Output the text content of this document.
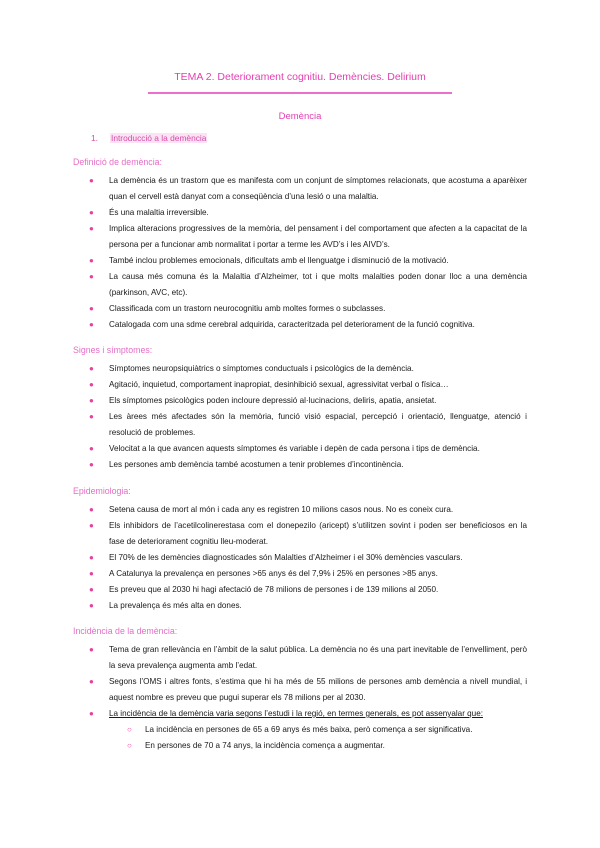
TEMA 2. Deteriorament cognitiu. Demències. Delirium
Demència
1. Introducció a la demència
Definició de demència:
● La demència és un trastorn que es manifesta com un conjunt de símptomes relacionats, que acostuma a aparèixer quan el cervell està danyat com a conseqüència d’una lesió o una malaltia.
● És una malaltia irreversible.
● Implica alteracions progressives de la memòria, del pensament i del comportament que afecten a la capacitat de la persona per a funcionar amb normalitat i portar a terme les AVD’s i les AIVD’s.
● També inclou problemes emocionals, dificultats amb el llenguatge i disminució de la motivació.
● La causa més comuna és la Malaltia d’Alzheimer, tot i que molts malalties poden donar lloc a una demència (parkinson, AVC, etc).
● Classificada com un trastorn neurocognitiu amb moltes formes o subclasses.
● Catalogada com una sdme cerebral adquirida, caracteritzada pel deteriorament de la funció cognitiva.
Signes i símptomes:
● Símptomes neuropsiquiàtrics o símptomes conductuals i psicològics de la demència.
● Agitació, inquietud, comportament inapropiat, desinhibició sexual, agressivitat verbal o física…
● Els símptomes psicològics poden incloure depressió al·lucinacions, deliris, apatia, ansietat.
● Les àrees més afectades són la memòria, funció visió espacial, percepció i orientació, llenguatge, atenció i resolució de problemes.
● Velocitat a la que avancen aquests símptomes és variable i depèn de cada persona i tips de demència.
● Les persones amb demència també acostumen a tenir problemes d’incontinència.
Epidemiologia:
● Setena causa de mort al món i cada any es registren 10 milions casos nous. No es coneix cura.
● Els inhibidors de l’acetilcolinerestasa com el donepezilo (aricept) s’utilitzen sovint i poden ser beneficiosos en la fase de deteriorament cognitiu lleu-moderat.
● El 70% de les demències diagnosticades són Malalties d’Alzheimer i el 30% demències vasculars.
● A Catalunya la prevalença en persones >65 anys és del 7,9% i 25% en persones >85 anys.
● Es preveu que al 2030 hi hagi afectació de 78 milions de persones i de 139 milions al 2050.
● La prevalença és més alta en dones.
Incidència de la demència:
● Tema de gran rellevància en l’àmbit de la salut pública. La demència no és una part inevitable de l’envelliment, però la seva prevalença augmenta amb l’edat.
● Segons l’OMS i altres fonts, s’estima que hi ha més de 55 milions de persones amb demència a nivell mundial, i aquest nombre es preveu que pugui superar els 78 milions per al 2030.
● La incidència de la demència varia segons l’estudi i la regió, en termes generals, es pot assenyalar que:
○ La incidència en persones de 65 a 69 anys és més baixa, però comença a ser significativa.
○ En persones de 70 a 74 anys, la incidència comença a augmentar.
